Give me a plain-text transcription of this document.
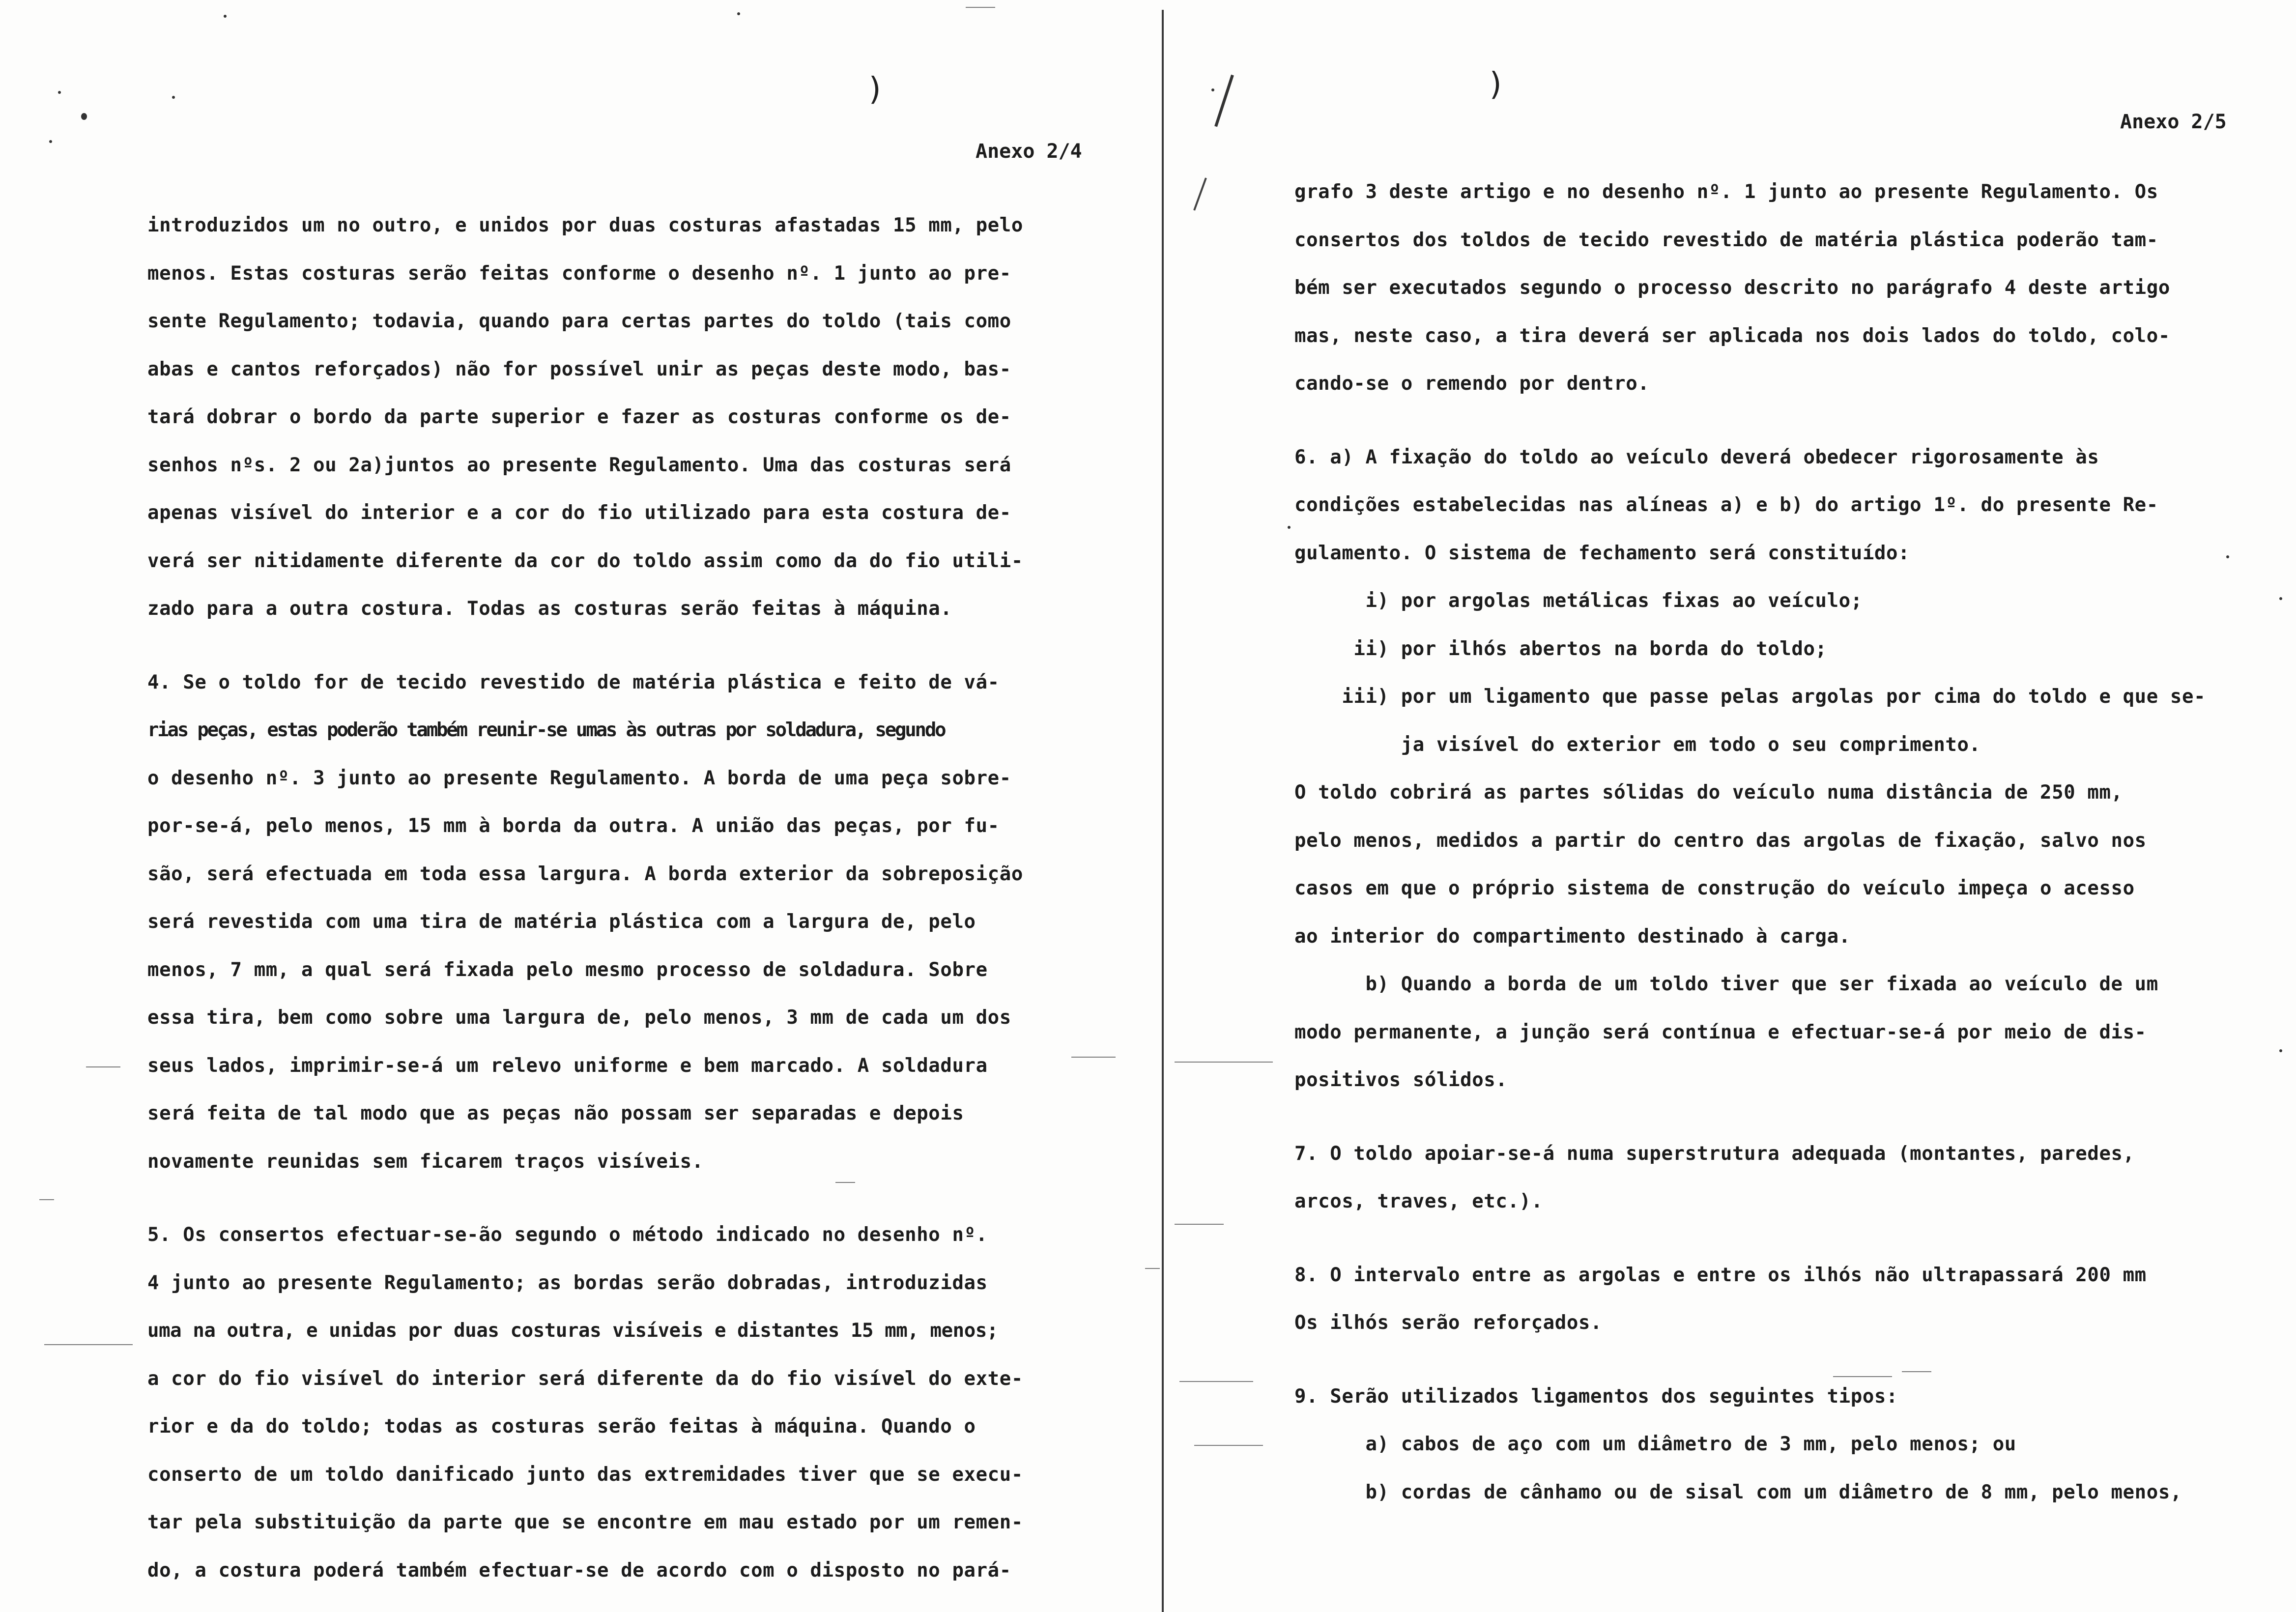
)
Anexo 2/4
introduzidos um no outro, e unidos por duas costuras afastadas 15 mm, pelo
menos. Estas costuras serão feitas conforme o desenho nº. 1 junto ao pre-
sente Regulamento; todavia, quando para certas partes do toldo (tais como
abas e cantos reforçados) não for possível unir as peças deste modo, bas-
tará dobrar o bordo da parte superior e fazer as costuras conforme os de-
senhos nºs. 2 ou 2a)juntos ao presente Regulamento. Uma das costuras será
apenas visível do interior e a cor do fio utilizado para esta costura de-
verá ser nitidamente diferente da cor do toldo assim como da do fio utili-
zado para a outra costura. Todas as costuras serão feitas à máquina.
4. Se o toldo for de tecido revestido de matéria plástica e feito de vá-
rias peças, estas poderão também reunir-se umas às outras por soldadura, segundo
o desenho nº. 3 junto ao presente Regulamento. A borda de uma peça sobre-
por-se-á, pelo menos, 15 mm à borda da outra. A união das peças, por fu-
são, será efectuada em toda essa largura. A borda exterior da sobreposição
será revestida com uma tira de matéria plástica com a largura de, pelo
menos, 7 mm, a qual será fixada pelo mesmo processo de soldadura. Sobre
essa tira, bem como sobre uma largura de, pelo menos, 3 mm de cada um dos
seus lados, imprimir-se-á um relevo uniforme e bem marcado. A soldadura
será feita de tal modo que as peças não possam ser separadas e depois
novamente reunidas sem ficarem traços visíveis.
5. Os consertos efectuar-se-ão segundo o método indicado no desenho nº.
4 junto ao presente Regulamento; as bordas serão dobradas, introduzidas
uma na outra, e unidas por duas costuras visíveis e distantes 15 mm, menos;
a cor do fio visível do interior será diferente da do fio visível do exte-
rior e da do toldo; todas as costuras serão feitas à máquina. Quando o
conserto de um toldo danificado junto das extremidades tiver que se execu-
tar pela substituição da parte que se encontre em mau estado por um remen-
do, a costura poderá também efectuar-se de acordo com o disposto no pará-
)
Anexo 2/5
grafo 3 deste artigo e no desenho nº. 1 junto ao presente Regulamento. Os
consertos dos toldos de tecido revestido de matéria plástica poderão tam-
bém ser executados segundo o processo descrito no parágrafo 4 deste artigo
mas, neste caso, a tira deverá ser aplicada nos dois lados do toldo, colo-
cando-se o remendo por dentro.
6. a) A fixação do toldo ao veículo deverá obedecer rigorosamente às
condições estabelecidas nas alíneas a) e b) do artigo 1º. do presente Re-
gulamento. O sistema de fechamento será constituído:
i) por argolas metálicas fixas ao veículo;
ii) por ilhós abertos na borda do toldo;
iii) por um ligamento que passe pelas argolas por cima do toldo e que se-
ja visível do exterior em todo o seu comprimento.
O toldo cobrirá as partes sólidas do veículo numa distância de 250 mm,
pelo menos, medidos a partir do centro das argolas de fixação, salvo nos
casos em que o próprio sistema de construção do veículo impeça o acesso
ao interior do compartimento destinado à carga.
b) Quando a borda de um toldo tiver que ser fixada ao veículo de um
modo permanente, a junção será contínua e efectuar-se-á por meio de dis-
positivos sólidos.
7. O toldo apoiar-se-á numa superstrutura adequada (montantes, paredes,
arcos, traves, etc.).
8. O intervalo entre as argolas e entre os ilhós não ultrapassará 200 mm
Os ilhós serão reforçados.
9. Serão utilizados ligamentos dos seguintes tipos:
a) cabos de aço com um diâmetro de 3 mm, pelo menos; ou
b) cordas de cânhamo ou de sisal com um diâmetro de 8 mm, pelo menos,
